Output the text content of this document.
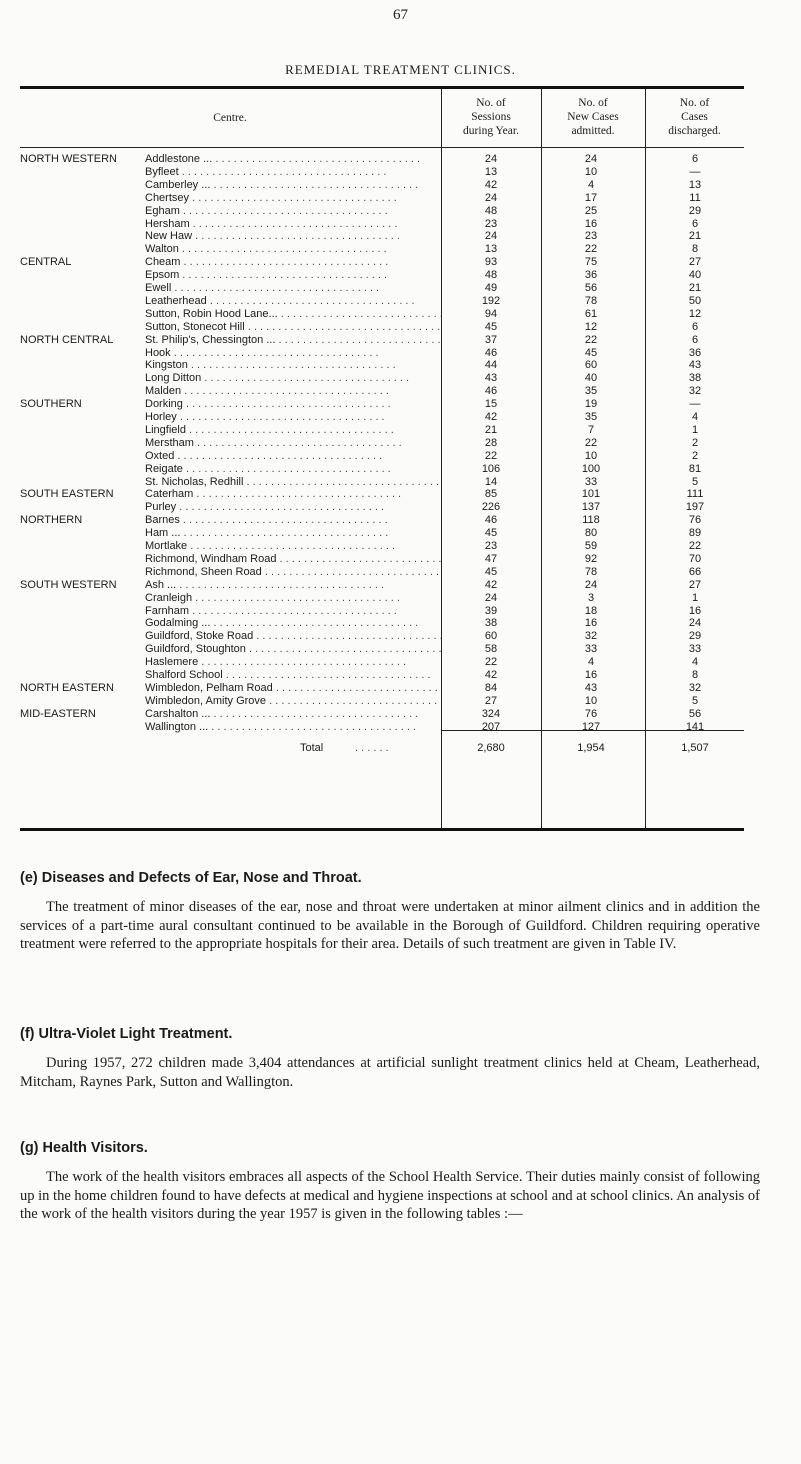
67
REMEDIAL TREATMENT CLINICS.
Centre.
No. of
Sessions
during Year.
No. of
New Cases
admitted.
No. of
Cases
discharged.
NORTH WESTERN	Addlestone ... . . .	24	24	6
Byfleet . . .	13	10	—
Camberley ... . . .	42	4	13
Chertsey . . .	24	17	11
Egham . . .	48	25	29
Hersham . . .	23	16	6
New Haw . . .	24	23	21
Walton . . .	13	22	8
CENTRAL	Cheam . . .	93	75	27
Epsom . . .	48	36	40
Ewell . . .	49	56	21
Leatherhead . . .	192	78	50
Sutton, Robin Hood Lane... . . .	94	61	12
Sutton, Stonecot Hill . . .	45	12	6
NORTH CENTRAL	St. Philip's, Chessington ... . . .	37	22	6
Hook . . .	46	45	36
Kingston . . .	44	60	43
Long Ditton . . .	43	40	38
Malden . . .	46	35	32
SOUTHERN	Dorking . . .	15	19	—
Horley . . .	42	35	4
Lingfield . . .	21	7	1
Merstham . . .	28	22	2
Oxted . . .	22	10	2
Reigate . . .	106	100	81
St. Nicholas, Redhill . . .	14	33	5
SOUTH EASTERN	Caterham . . .	85	101	111
Purley . . .	226	137	197
NORTHERN	Barnes . . .	46	118	76
Ham ... . . .	45	80	89
Mortlake . . .	23	59	22
Richmond, Windham Road . . .	47	92	70
Richmond, Sheen Road . . .	45	78	66
SOUTH WESTERN	Ash ... . . .	42	24	27
Cranleigh . . .	24	3	1
Farnham . . .	39	18	16
Godalming ... . . .	38	16	24
Guildford, Stoke Road . . .	60	32	29
Guildford, Stoughton . . .	58	33	33
Haslemere . . .	22	4	4
Shalford School . . .	42	16	8
NORTH EASTERN	Wimbledon, Pelham Road . . .	84	43	32
Wimbledon, Amity Grove . . .	27	10	5
MID-EASTERN	Carshalton ... . . .	324	76	56
Wallington ... . . .	207	127	141
Total	. . . . . .	2,680	1,954	1,507
(e) Diseases and Defects of Ear, Nose and Throat.

The treatment of minor diseases of the ear, nose and throat were undertaken at minor ailment clinics and in addition the services of a part-time aural consultant continued to be available in the Borough of Guildford. Children requiring operative treatment were referred to the appropriate hospitals for their area. Details of such treatment are given in Table IV.

(f) Ultra-Violet Light Treatment.

During 1957, 272 children made 3,404 attendances at artificial sunlight treatment clinics held at Cheam, Leatherhead, Mitcham, Raynes Park, Sutton and Wallington.

(g) Health Visitors.

The work of the health visitors embraces all aspects of the School Health Service. Their duties mainly consist of following up in the home children found to have defects at medical and hygiene inspections at school and at school clinics. An analysis of the work of the health visitors during the year 1957 is given in the following tables :—
